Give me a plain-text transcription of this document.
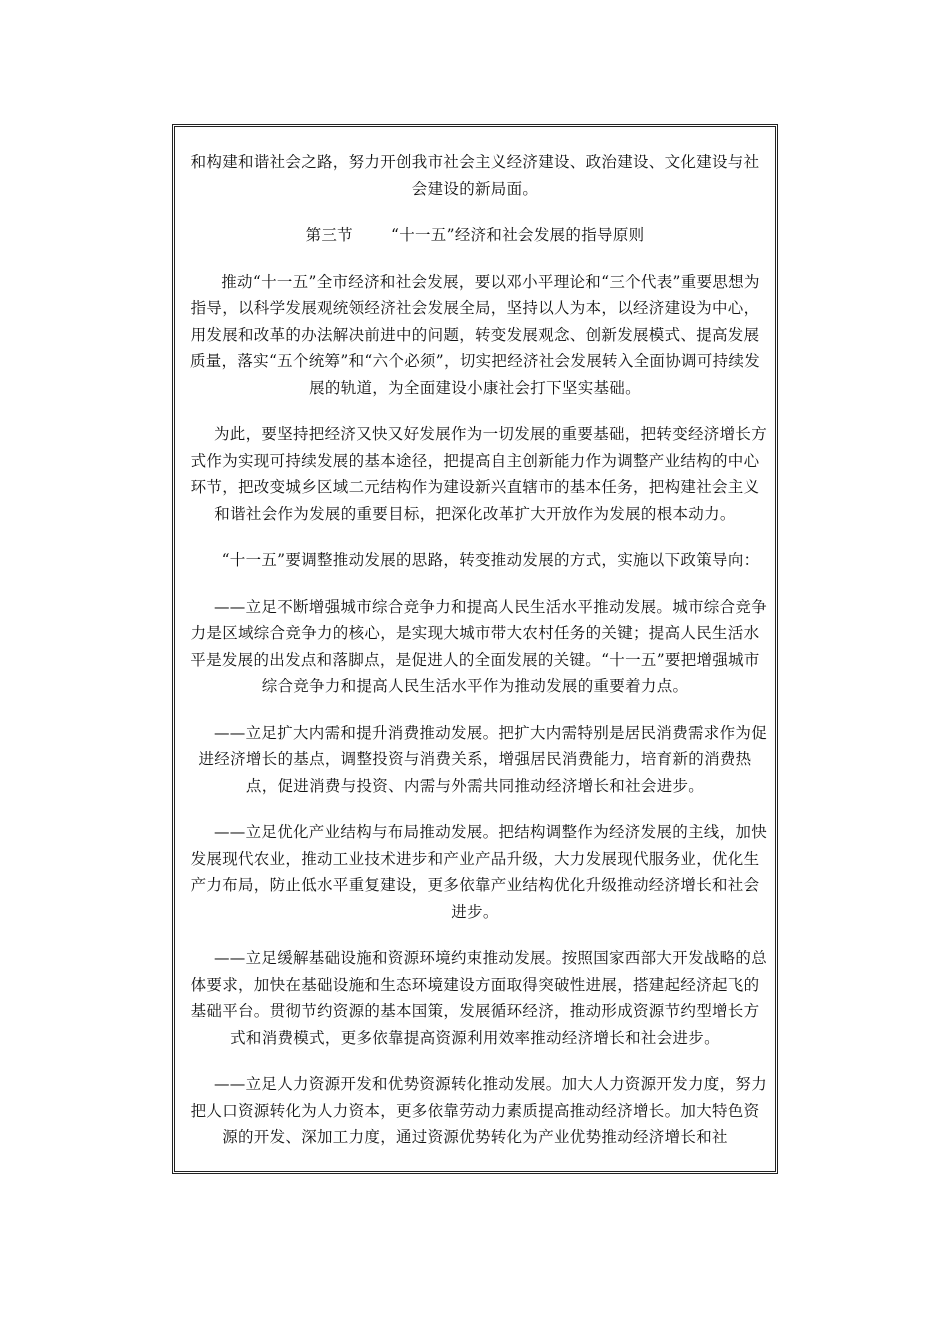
和构建和谐社会之路，努力开创我市社会主义经济建设、政治建设、文化建设与社会建设的新局面。

第三节 “十一五”经济和社会发展的指导原则

推动“十一五”全市经济和社会发展，要以邓小平理论和“三个代表”重要思想为指导，以科学发展观统领经济社会发展全局，坚持以人为本，以经济建设为中心，用发展和改革的办法解决前进中的问题，转变发展观念、创新发展模式、提高发展质量，落实“五个统筹”和“六个必须”，切实把经济社会发展转入全面协调可持续发展的轨道，为全面建设小康社会打下坚实基础。

为此，要坚持把经济又快又好发展作为一切发展的重要基础，把转变经济增长方式作为实现可持续发展的基本途径，把提高自主创新能力作为调整产业结构的中心环节，把改变城乡区域二元结构作为建设新兴直辖市的基本任务，把构建社会主义和谐社会作为发展的重要目标，把深化改革扩大开放作为发展的根本动力。

“十一五”要调整推动发展的思路，转变推动发展的方式，实施以下政策导向：

——立足不断增强城市综合竞争力和提高人民生活水平推动发展。城市综合竞争力是区域综合竞争力的核心，是实现大城市带大农村任务的关键；提高人民生活水平是发展的出发点和落脚点，是促进人的全面发展的关键。“十一五”要把增强城市综合竞争力和提高人民生活水平作为推动发展的重要着力点。

——立足扩大内需和提升消费推动发展。把扩大内需特别是居民消费需求作为促进经济增长的基点，调整投资与消费关系，增强居民消费能力，培育新的消费热点，促进消费与投资、内需与外需共同推动经济增长和社会进步。

——立足优化产业结构与布局推动发展。把结构调整作为经济发展的主线，加快发展现代农业，推动工业技术进步和产业产品升级，大力发展现代服务业，优化生产力布局，防止低水平重复建设，更多依靠产业结构优化升级推动经济增长和社会进步。

——立足缓解基础设施和资源环境约束推动发展。按照国家西部大开发战略的总体要求，加快在基础设施和生态环境建设方面取得突破性进展，搭建起经济起飞的基础平台。贯彻节约资源的基本国策，发展循环经济，推动形成资源节约型增长方式和消费模式，更多依靠提高资源利用效率推动经济增长和社会进步。

——立足人力资源开发和优势资源转化推动发展。加大人力资源开发力度，努力把人口资源转化为人力资本，更多依靠劳动力素质提高推动经济增长。加大特色资源的开发、深加工力度，通过资源优势转化为产业优势推动经济增长和社
